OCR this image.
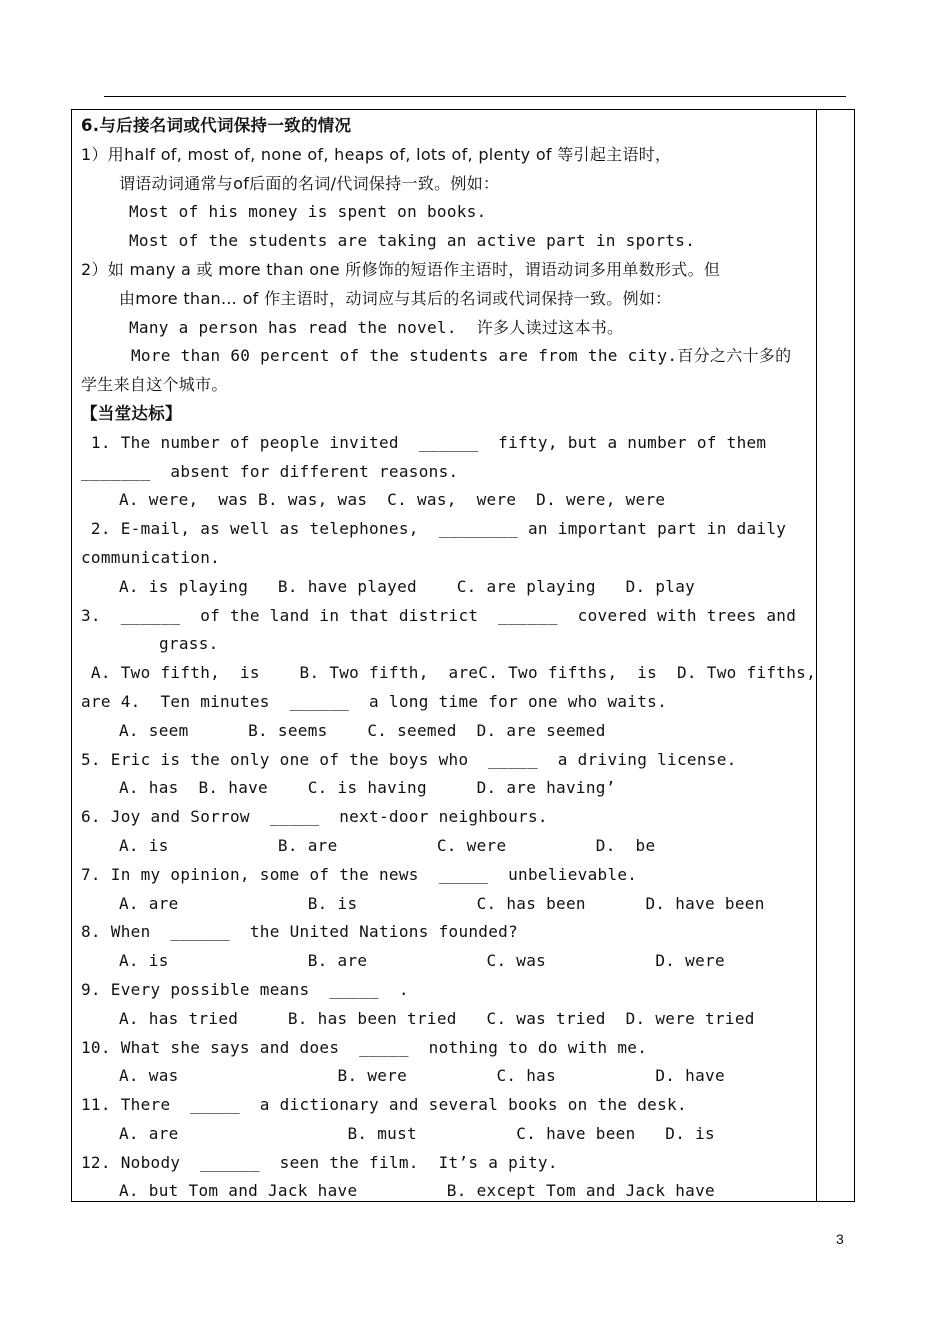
6.与后接名词或代词保持一致的情况
1）用half of, most of, none of, heaps of, lots of, plenty of 等引起主语时，
谓语动词通常与of后面的名词/代词保持一致。例如：
Most of his money is spent on books.
Most of the students are taking an active part in sports.
2）如 many a 或 more than one 所修饰的短语作主语时，谓语动词多用单数形式。但
由more than… of 作主语时，动词应与其后的名词或代词保持一致。例如：
Many a person has read the novel.  许多人读过这本书。
More than 60 percent of the students are from the city.百分之六十多的
学生来自这个城市。
【当堂达标】
1. The number of people invited  ______  fifty, but a number of them
_______  absent for different reasons.
A. were,  was B. was, was  C. was,  were  D. were, were
2. E-mail, as well as telephones,  ________ an important part in daily
communication.
A. is playing   B. have played    C. are playing   D. play
3.  ______  of the land in that district  ______  covered with trees and
grass.
A. Two fifth,  is    B. Two fifth,  areC. Two fifths,  is  D. Two fifths,
are 4.  Ten minutes  ______  a long time for one who waits.
A. seem      B. seems    C. seemed  D. are seemed
5. Eric is the only one of the boys who  _____  a driving license.
A. has  B. have    C. is having     D. are having’
6. Joy and Sorrow  _____  next-door neighbours.
A. is           B. are          C. were         D.  be
7. In my opinion, some of the news  _____  unbelievable.
A. are             B. is            C. has been      D. have been
8. When  ______  the United Nations founded?
A. is              B. are            C. was           D. were
9. Every possible means  _____  .
A. has tried     B. has been tried   C. was tried  D. were tried
10. What she says and does  _____  nothing to do with me.
A. was                B. were         C. has          D. have
11. There  _____  a dictionary and several books on the desk.
A. are                 B. must          C. have been   D. is
12. Nobody  ______  seen the film.  It’s a pity.
A. but Tom and Jack have         B. except Tom and Jack have
3
